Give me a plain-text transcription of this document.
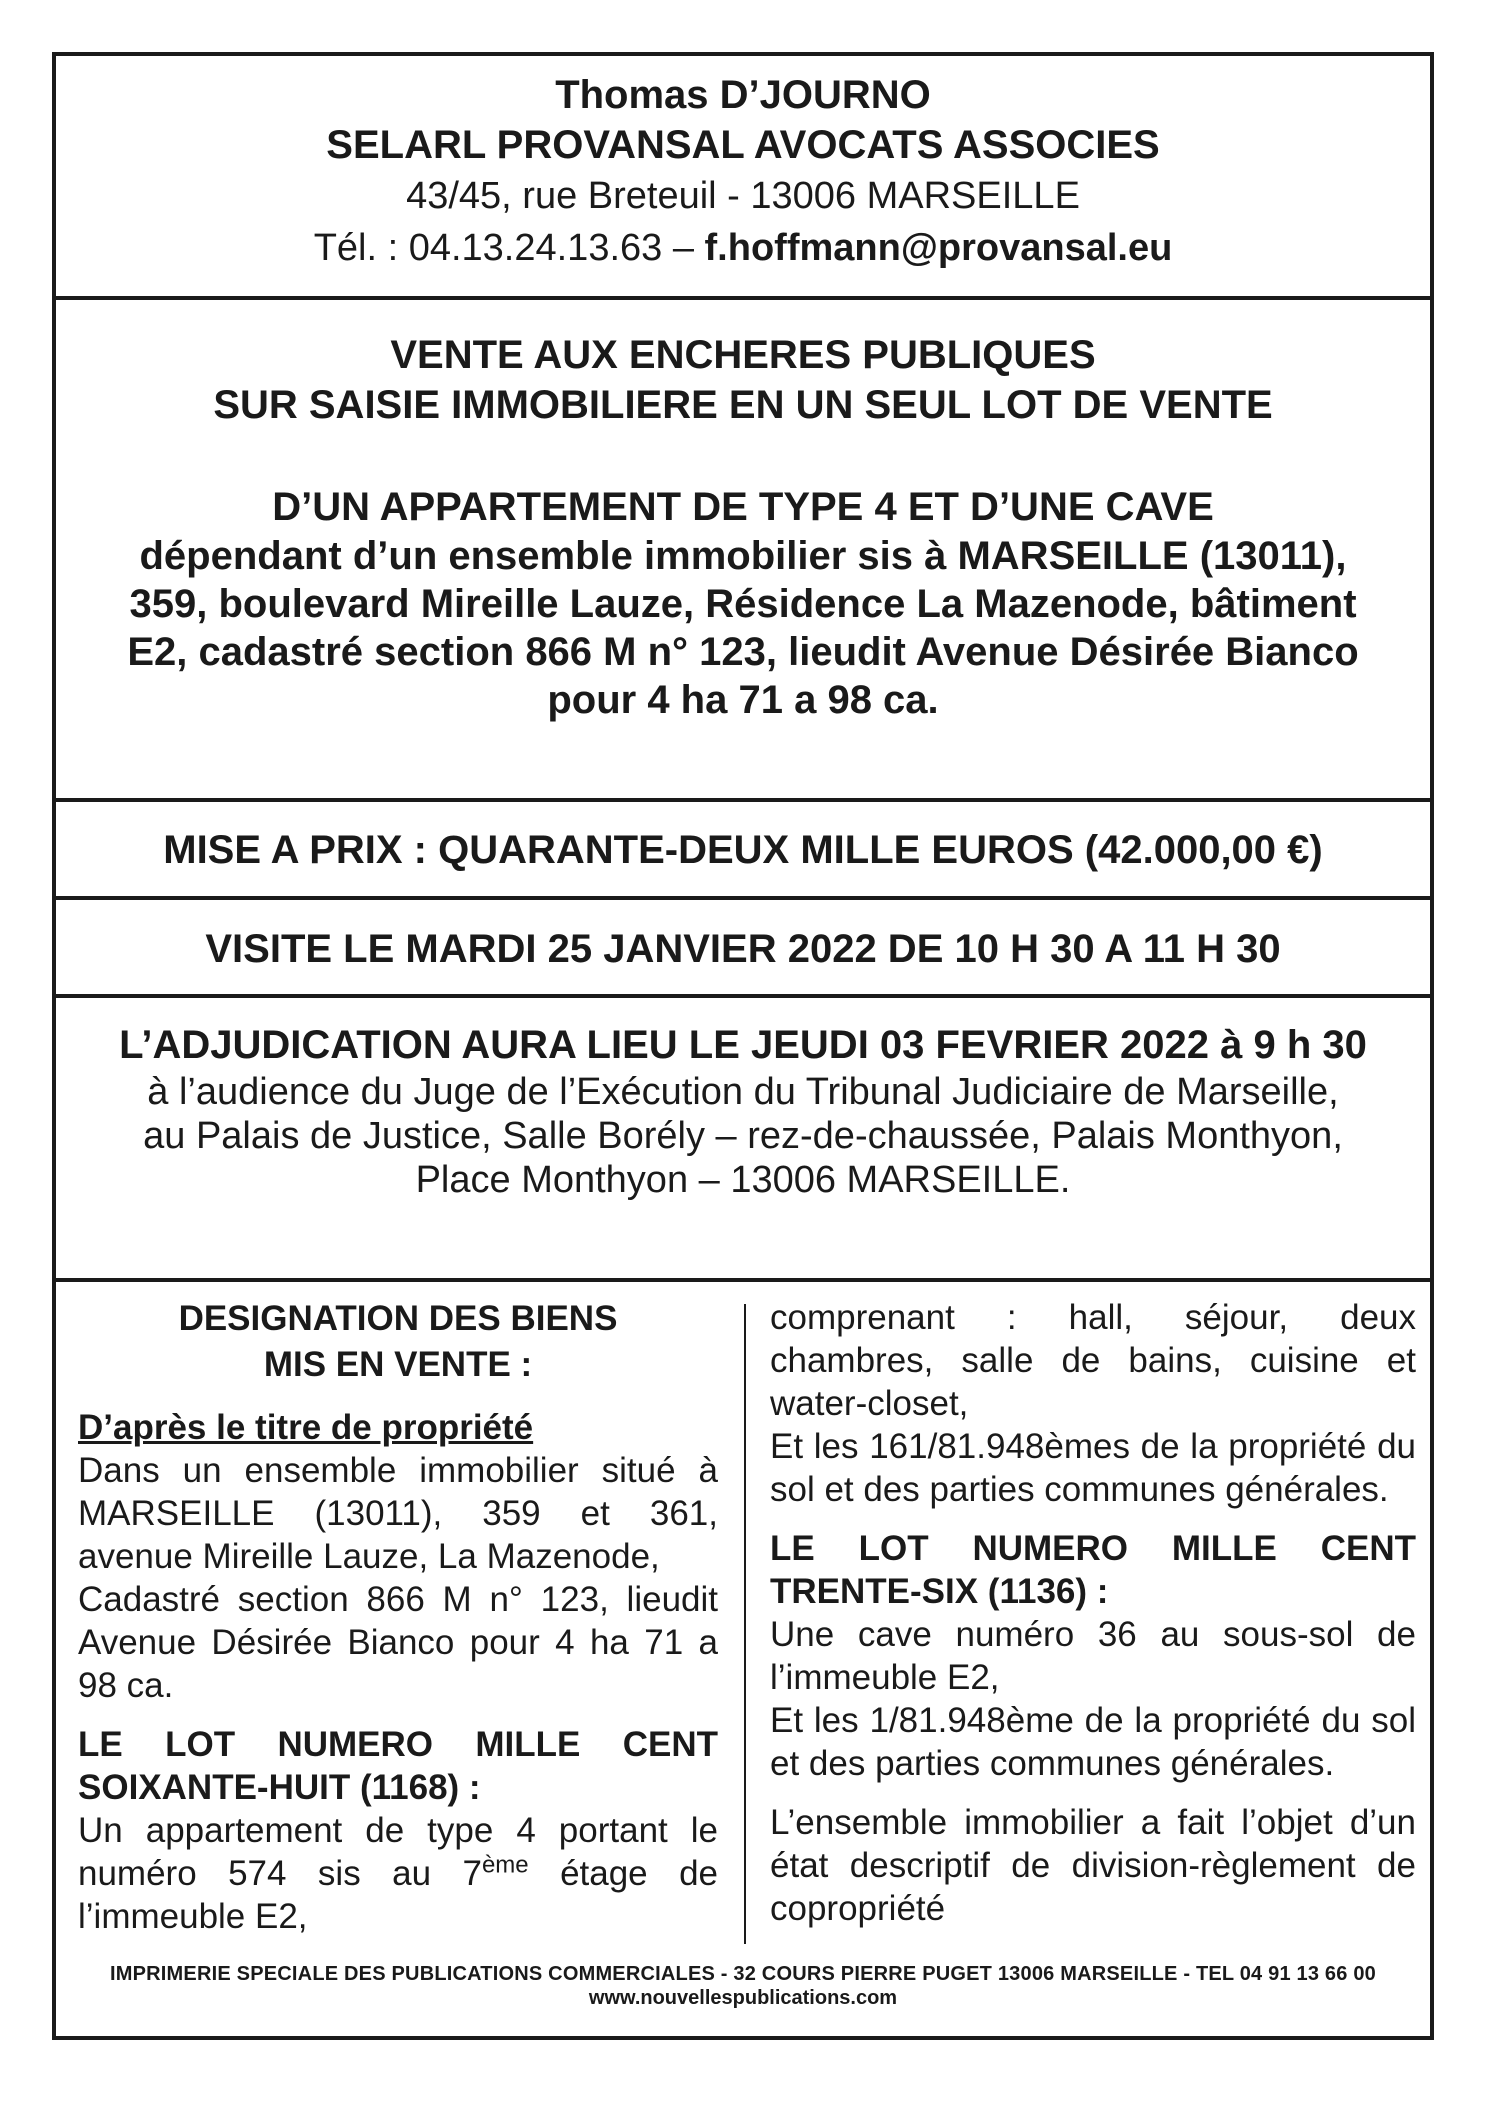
Thomas D’JOURNO
SELARL PROVANSAL AVOCATS ASSOCIES
43/45, rue Breteuil - 13006 MARSEILLE
Tél. : 04.13.24.13.63 – f.hoffmann@provansal.eu
VENTE AUX ENCHERES PUBLIQUES
SUR SAISIE IMMOBILIERE EN UN SEUL LOT DE VENTE
D’UN APPARTEMENT DE TYPE 4 ET D’UNE CAVE
dépendant d’un ensemble immobilier sis à MARSEILLE (13011),
359, boulevard Mireille Lauze, Résidence La Mazenode, bâtiment
E2, cadastré section 866 M n° 123, lieudit Avenue Désirée Bianco
pour 4 ha 71 a 98 ca.
MISE A PRIX : QUARANTE-DEUX MILLE EUROS (42.000,00 €)
VISITE LE MARDI 25 JANVIER 2022 DE 10 H 30 A 11 H 30
L’ADJUDICATION AURA LIEU LE JEUDI 03 FEVRIER 2022 à 9 h 30
à l’audience du Juge de l’Exécution du Tribunal Judiciaire de Marseille,
au Palais de Justice, Salle Borély – rez-de-chaussée, Palais Monthyon,
Place Monthyon – 13006 MARSEILLE.
DESIGNATION DES BIENS
MIS EN VENTE :
D’après le titre de propriété

Dans un ensemble immobilier situé à MARSEILLE (13011), 359 et 361, avenue Mireille Lauze, La Mazenode,

Cadastré section 866 M n° 123, lieudit Avenue Désirée Bianco pour 4 ha 71 a 98 ca.

LE LOT NUMERO MILLE CENT SOIXANTE-HUIT (1168) :

Un appartement de type 4 portant le numéro 574 sis au 7ème étage de l’immeuble E2,

comprenant : hall, séjour, deux chambres, salle de bains, cuisine et water-closet,

Et les 161/81.948èmes de la propriété du sol et des parties communes générales.

LE LOT NUMERO MILLE CENT TRENTE-SIX (1136) :

Une cave numéro 36 au sous-sol de l’immeuble E2,

Et les 1/81.948ème de la propriété du sol et des parties communes générales.

L’ensemble immobilier a fait l’objet d’un état descriptif de division-règlement de copropriété

IMPRIMERIE SPECIALE DES PUBLICATIONS COMMERCIALES - 32 COURS PIERRE PUGET 13006 MARSEILLE - TEL 04 91 13 66 00
www.nouvellespublications.com
